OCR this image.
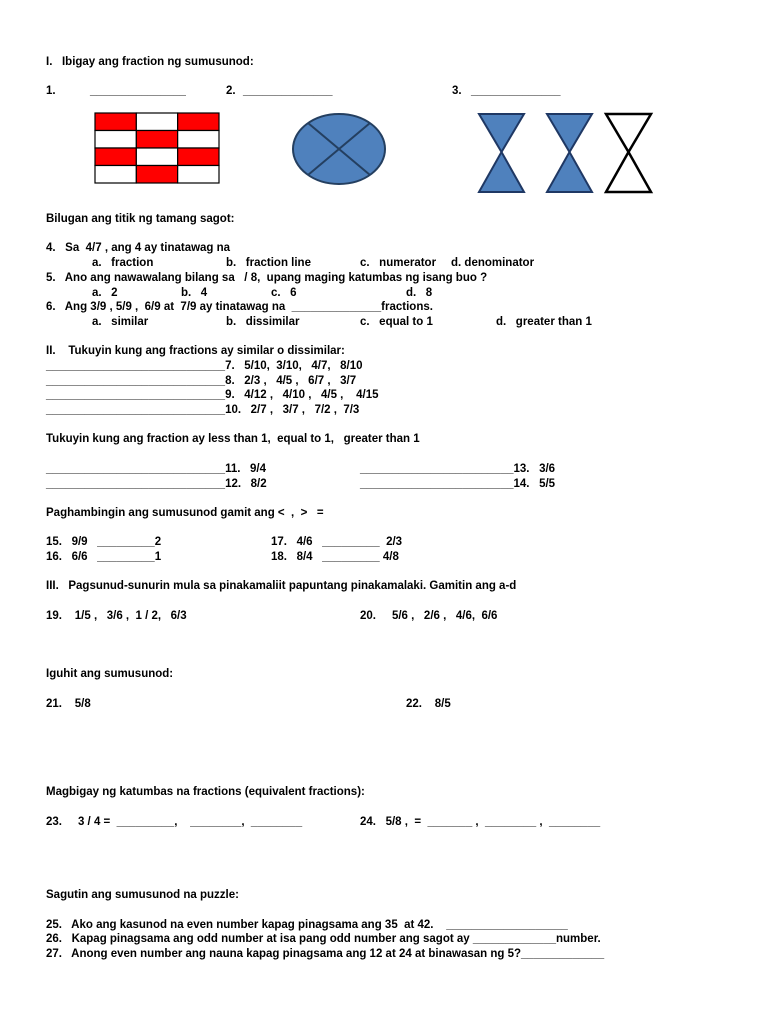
I.   Ibigay ang fraction ng sumusunod:
1.	_______________	2. ______________	3. ______________
Bilugan ang titik ng tamang sagot:
4.   Sa  4/7 , ang 4 ay tinatawag na
a.   fraction	b.   fraction line	c.   numerator d. denominator
5.   Ano ang nawawalang bilang sa   / 8,  upang maging katumbas ng isang buo ?
a.   2	b.   4	c.   6	d.   8
6.   Ang 3/9 , 5/9 ,  6/9 at  7/9 ay tinatawag na  ______________fractions.
a.   similar	b.   dissimilar	c.   equal to 1	d.   greater than 1
II.    Tukuyin kung ang fractions ay similar o dissimilar:
____________________________7.   5/10,  3/10,   4/7,   8/10
____________________________8.   2/3 ,   4/5 ,   6/7 ,   3/7
____________________________9.   4/12 ,   4/10 ,   4/5 ,    4/15
____________________________10.   2/7 ,   3/7 ,   7/2 ,  7/3
Tukuyin kung ang fraction ay less than 1,  equal to 1,   greater than 1
____________________________11.   9/4
____________________________12.   8/2
________________________13.   3/6
________________________14.   5/5
Paghambingin ang sumusunod gamit ang <  ,  >   =
15.   9/9   _________2
16.   6/6   _________1
17.   4/6   _________  2/3
18.   8/4   _________ 4/8
III.   Pagsunud-sunurin mula sa pinakamaliit papuntang pinakamalaki. Gamitin ang a-d
19.    1/5 ,   3/6 ,  1 / 2,   6/3	20.     5/6 ,   2/6 ,   4/6,  6/6
Iguhit ang sumusunod:
21.    5/8	22.    8/5
Magbigay ng katumbas na fractions (equivalent fractions):
23.     3 / 4 =  _________,    ________,  ________	24.   5/8 ,  =  _______ ,  ________ ,  ________
Sagutin ang sumusunod na puzzle:
25.   Ako ang kasunod na even number kapag pinagsama ang 35  at 42.    ___________________
26.   Kapag pinagsama ang odd number at isa pang odd number ang sagot ay _____________number.
27.   Anong even number ang nauna kapag pinagsama ang 12 at 24 at binawasan ng 5?_____________
